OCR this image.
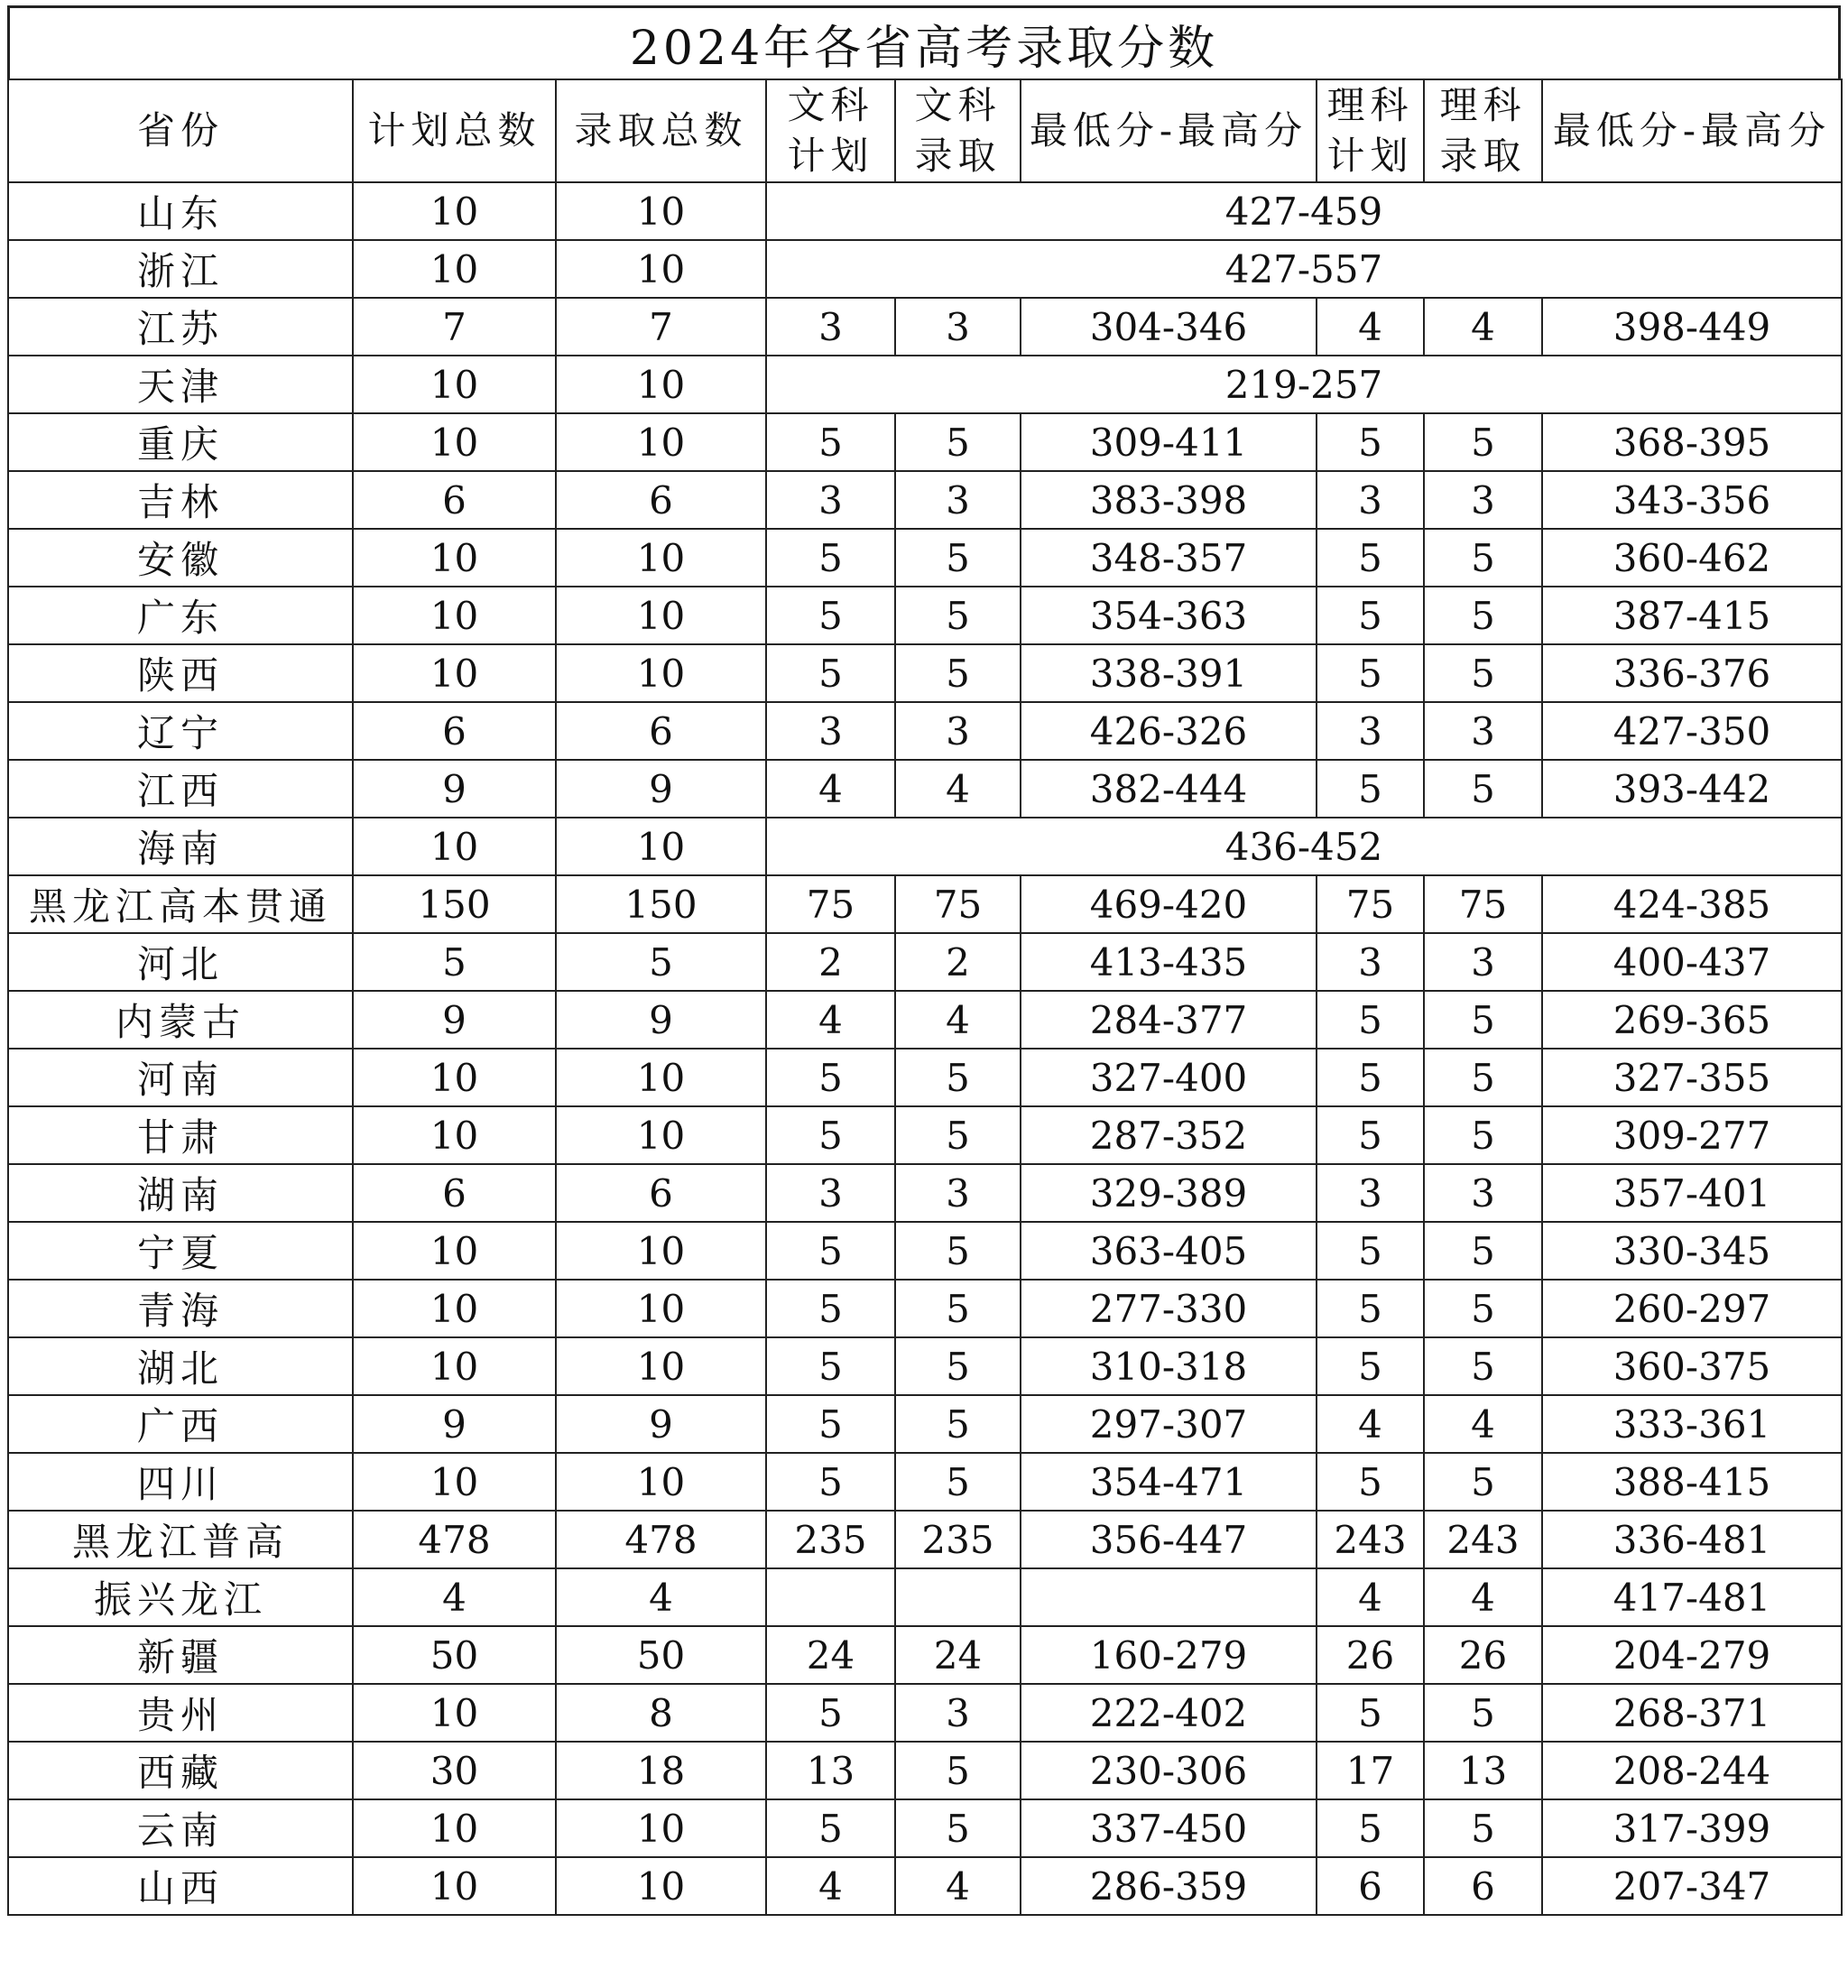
2024年各省高考录取分数
省份	计划总数	录取总数	文科计划	文科录取	最低分-最高分	理科计划	理科录取	最低分-最高分
山东	10	10	427-459					
浙江	10	10	427-557					
江苏	7	7	3	3	304-346	4	4	398-449
天津	10	10	219-257					
重庆	10	10	5	5	309-411	5	5	368-395
吉林	6	6	3	3	383-398	3	3	343-356
安徽	10	10	5	5	348-357	5	5	360-462
广东	10	10	5	5	354-363	5	5	387-415
陕西	10	10	5	5	338-391	5	5	336-376
辽宁	6	6	3	3	426-326	3	3	427-350
江西	9	9	4	4	382-444	5	5	393-442
海南	10	10	436-452					
黑龙江高本贯通	150	150	75	75	469-420	75	75	424-385
河北	5	5	2	2	413-435	3	3	400-437
内蒙古	9	9	4	4	284-377	5	5	269-365
河南	10	10	5	5	327-400	5	5	327-355
甘肃	10	10	5	5	287-352	5	5	309-277
湖南	6	6	3	3	329-389	3	3	357-401
宁夏	10	10	5	5	363-405	5	5	330-345
青海	10	10	5	5	277-330	5	5	260-297
湖北	10	10	5	5	310-318	5	5	360-375
广西	9	9	5	5	297-307	4	4	333-361
四川	10	10	5	5	354-471	5	5	388-415
黑龙江普高	478	478	235	235	356-447	243	243	336-481
振兴龙江	4	4				4	4	417-481
新疆	50	50	24	24	160-279	26	26	204-279
贵州	10	8	5	3	222-402	5	5	268-371
西藏	30	18	13	5	230-306	17	13	208-244
云南	10	10	5	5	337-450	5	5	317-399
山西	10	10	4	4	286-359	6	6	207-347
